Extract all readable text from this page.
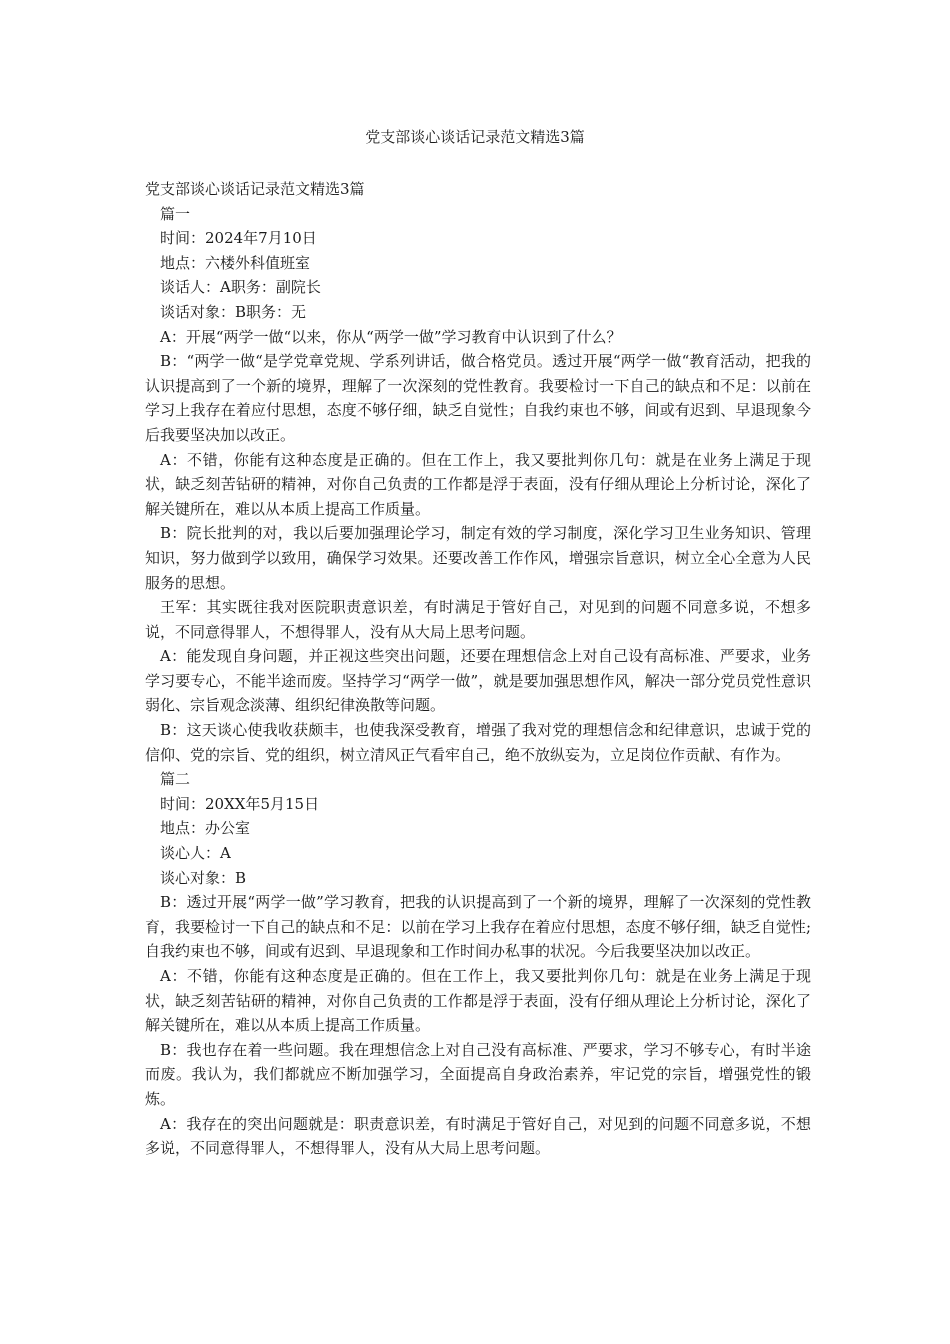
党支部谈心谈话记录范文精选3篇

党支部谈心谈话记录范文精选3篇

篇一

时间：2024年7月10日

地点：六楼外科值班室

谈话人：A职务：副院长

谈话对象：B职务：无

A：开展“两学一做“以来，你从“两学一做”学习教育中认识到了什么？

B：“两学一做“是学党章党规、学系列讲话，做合格党员。透过开展“两学一做“教育活动，把我的认识提高到了一个新的境界，理解了一次深刻的党性教育。我要检讨一下自己的缺点和不足：以前在学习上我存在着应付思想，态度不够仔细，缺乏自觉性；自我约束也不够，间或有迟到、早退现象今后我要坚决加以改正。

A：不错，你能有这种态度是正确的。但在工作上，我又要批判你几句：就是在业务上满足于现状，缺乏刻苦钻研的精神，对你自己负责的工作都是浮于表面，没有仔细从理论上分析讨论，深化了解关键所在，难以从本质上提高工作质量。

B：院长批判的对，我以后要加强理论学习，制定有效的学习制度，深化学习卫生业务知识、管理知识，努力做到学以致用，确保学习效果。还要改善工作作风，增强宗旨意识，树立全心全意为人民服务的思想。

王军：其实既往我对医院职责意识差，有时满足于管好自己，对见到的问题不同意多说，不想多说，不同意得罪人，不想得罪人，没有从大局上思考问题。

A：能发现自身问题，并正视这些突出问题，还要在理想信念上对自己设有高标准、严要求，业务学习要专心，不能半途而废。坚持学习“两学一做”，就是要加强思想作风，解决一部分党员党性意识弱化、宗旨观念淡薄、组织纪律涣散等问题。

B：这天谈心使我收获颇丰，也使我深受教育，增强了我对党的理想信念和纪律意识，忠诚于党的信仰、党的宗旨、党的组织，树立清风正气看牢自己，绝不放纵妄为，立足岗位作贡献、有作为。

篇二

时间：20XX年5月15日

地点：办公室

谈心人：A

谈心对象：B

B：透过开展“两学一做”学习教育，把我的认识提高到了一个新的境界，理解了一次深刻的党性教育，我要检讨一下自己的缺点和不足：以前在学习上我存在着应付思想，态度不够仔细，缺乏自觉性;自我约束也不够，间或有迟到、早退现象和工作时间办私事的状况。今后我要坚决加以改正。

A：不错，你能有这种态度是正确的。但在工作上，我又要批判你几句：就是在业务上满足于现状，缺乏刻苦钻研的精神，对你自己负责的工作都是浮于表面，没有仔细从理论上分析讨论，深化了解关键所在，难以从本质上提高工作质量。

B：我也存在着一些问题。我在理想信念上对自己没有高标准、严要求，学习不够专心，有时半途而废。我认为，我们都就应不断加强学习，全面提高自身政治素养，牢记党的宗旨，增强党性的锻炼。

A：我存在的突出问题就是：职责意识差，有时满足于管好自己，对见到的问题不同意多说，不想多说，不同意得罪人，不想得罪人，没有从大局上思考问题。
